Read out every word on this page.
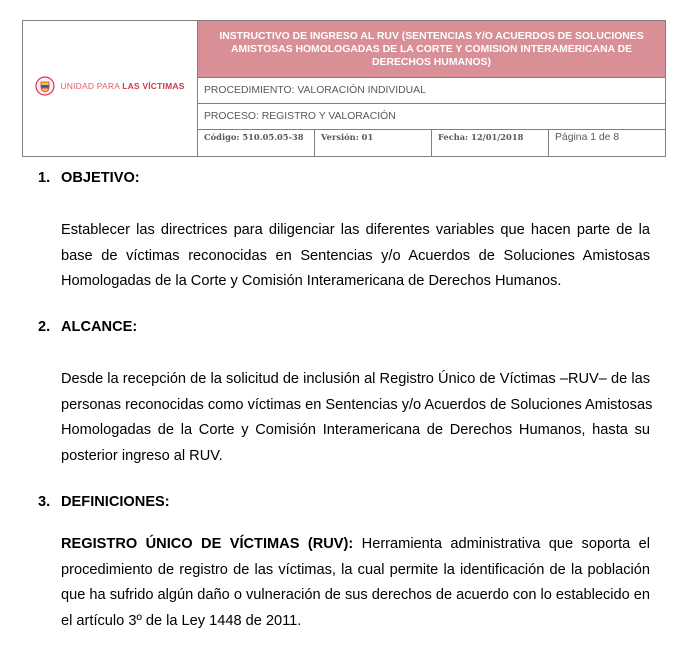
UNIDAD PARA LAS VÍCTIMAS	INSTRUCTIVO DE INGRESO AL RUV (SENTENCIAS Y/O ACUERDOS DE SOLUCIONES AMISTOSAS HOMOLOGADAS DE LA CORTE Y COMISION INTERAMERICANA DE DERECHOS HUMANOS)			
	PROCEDIMIENTO: VALORACIÓN INDIVIDUAL			
	PROCESO: REGISTRO Y VALORACIÓN			
	Código: 510.05.05-38	Versión: 01	Fecha: 12/01/2018	Página 1 de 8
1. OBJETIVO:
Establecer las directrices para diligenciar las diferentes variables que hacen parte de la
base de víctimas reconocidas en Sentencias y/o Acuerdos de Soluciones Amistosas
Homologadas de la Corte y Comisión Interamericana de Derechos Humanos.
2. ALCANCE:
Desde la recepción de la solicitud de inclusión al Registro Único de Víctimas –RUV– de las
personas reconocidas como víctimas en Sentencias y/o Acuerdos de Soluciones Amistosas
Homologadas de la Corte y Comisión Interamericana de Derechos Humanos, hasta su
posterior ingreso al RUV.
3. DEFINICIONES:
REGISTRO ÚNICO DE VÍCTIMAS (RUV): Herramienta administrativa que soporta el
procedimiento de registro de las víctimas, la cual permite la identificación de la población
que ha sufrido algún daño o vulneración de sus derechos de acuerdo con lo establecido en
el artículo 3º de la Ley 1448 de 2011.
